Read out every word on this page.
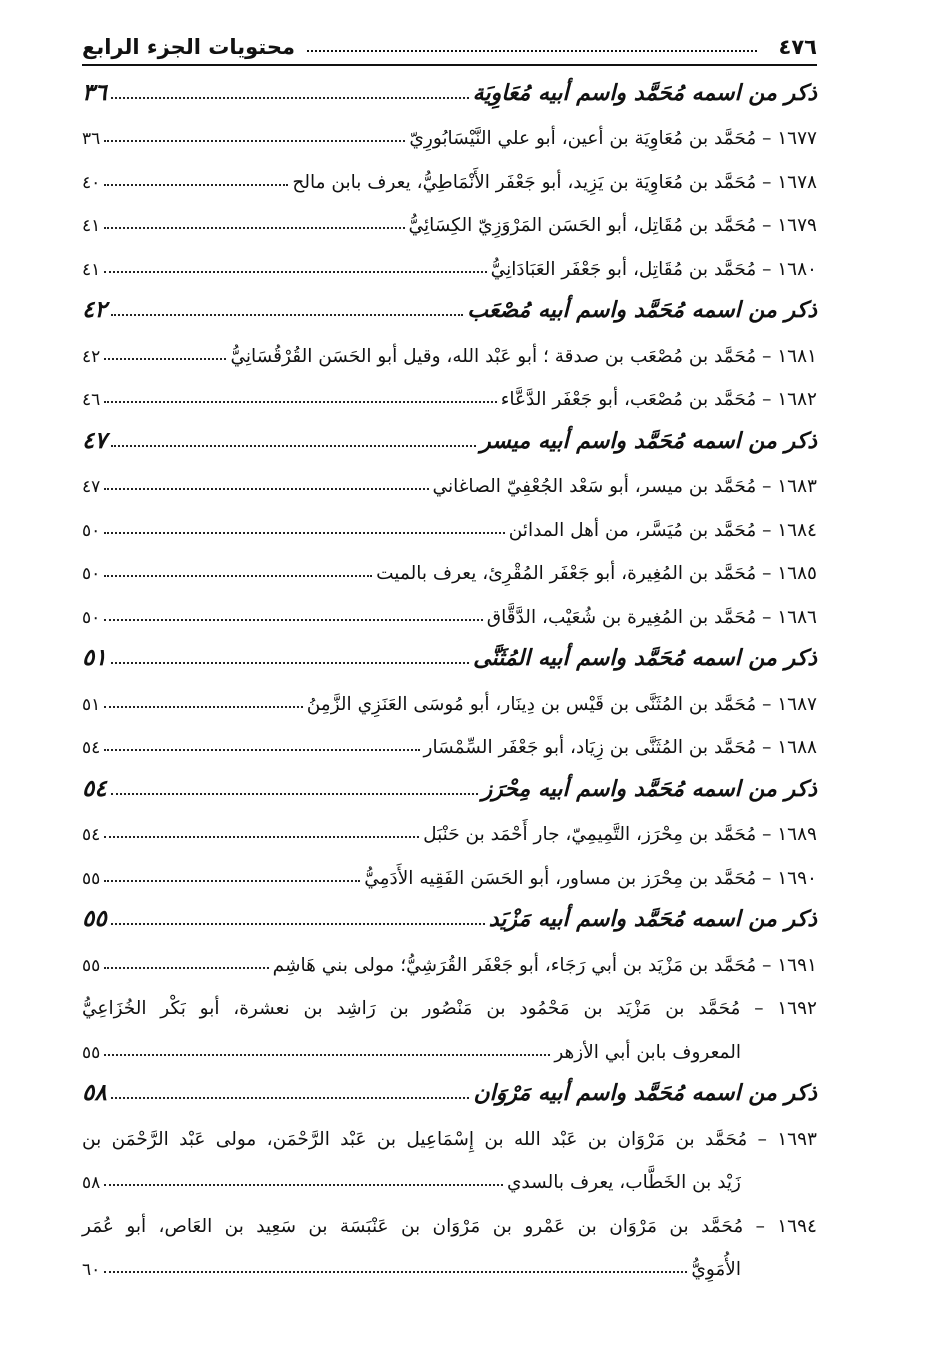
٤٧٦
محتويات الجزء الرابع
ذكر من اسمه مُحَمَّد واسم أبيه مُعَاوِيَة
٣٦
١٦٧٧ – مُحَمَّد بن مُعَاوِيَة بن أعين، أبو علي النَّيْسَابُورِيّ
٣٦
١٦٧٨ – مُحَمَّد بن مُعَاوِيَة بن يَزِيد، أبو جَعْفَر الأَنْمَاطِيُّ، يعرف بابن مالح
٤٠
١٦٧٩ – مُحَمَّد بن مُقَاتِل، أبو الحَسَن المَرْوَزِيّ الكِسَائِيُّ
٤١
١٦٨٠ – مُحَمَّد بن مُقَاتِل، أبو جَعْفَر العَبَادَانِيُّ
٤١
ذكر من اسمه مُحَمَّد واسم أبيه مُصْعَب
٤٢
١٦٨١ – مُحَمَّد بن مُصْعَب بن صدقة ؛ أبو عَبْد الله، وقيل أبو الحَسَن القُرْقُسَانِيُّ
٤٢
١٦٨٢ – مُحَمَّد بن مُصْعَب، أبو جَعْفَر الدَّعَّاء
٤٦
ذكر من اسمه مُحَمَّد واسم أبيه ميسر
٤٧
١٦٨٣ – مُحَمَّد بن ميسر، أبو سَعْد الجُعْفِيّ الصاغاني
٤٧
١٦٨٤ – مُحَمَّد بن مُيَسَّر، من أهل المدائن
٥٠
١٦٨٥ – مُحَمَّد بن المُغِيرة، أبو جَعْفَر المُقْرِئ، يعرف بالميت
٥٠
١٦٨٦ – مُحَمَّد بن المُغِيرة بن شُعَيْب، الدَّقَّاق
٥٠
ذكر من اسمه مُحَمَّد واسم أبيه المُثَنَّى
٥١
١٦٨٧ – مُحَمَّد بن المُثَنَّى بن قَيْس بن دِينَار، أبو مُوسَى العَنَزِي الزَّمِنُ
٥١
١٦٨٨ – مُحَمَّد بن المُثَنَّى بن زِيَاد، أبو جَعْفَر السِّمْسَار
٥٤
ذكر من اسمه مُحَمَّد واسم أبيه مِحْرَز
٥٤
١٦٨٩ – مُحَمَّد بن مِحْرَز، التَّمِيمِيّ، جار أَحْمَد بن حَنْبَل
٥٤
١٦٩٠ – مُحَمَّد بن مِحْرَز بن مساور، أبو الحَسَن الفَقِيه الأَدَمِيُّ
٥٥
ذكر من اسمه مُحَمَّد واسم أبيه مَزْيَد
٥٥
١٦٩١ – مُحَمَّد بن مَزْيَد بن أبي رَجَاء، أبو جَعْفَر القُرَشِيُّ؛ مولى بني هَاشِم
٥٥
١٦٩٢ – مُحَمَّد بن مَزْيَد بن مَحْمُود بن مَنْصُور بن رَاشِد بن نعشرة، أبو بَكْر الخُزَاعِيُّ
المعروف بابن أبي الأزهر
٥٥
ذكر من اسمه مُحَمَّد واسم أبيه مَرْوَان
٥٨
١٦٩٣ – مُحَمَّد بن مَرْوَان بن عَبْد الله بن إِسْمَاعِيل بن عَبْد الرَّحْمَن، مولى عَبْد الرَّحْمَن بن
زَيْد بن الخَطَّاب، يعرف بالسدي
٥٨
١٦٩٤ – مُحَمَّد بن مَرْوَان بن عَمْرو بن مَرْوَان بن عَنْبَسَة بن سَعِيد بن العَاص، أبو عُمَر
الأُمَوِيُّ
٦٠
